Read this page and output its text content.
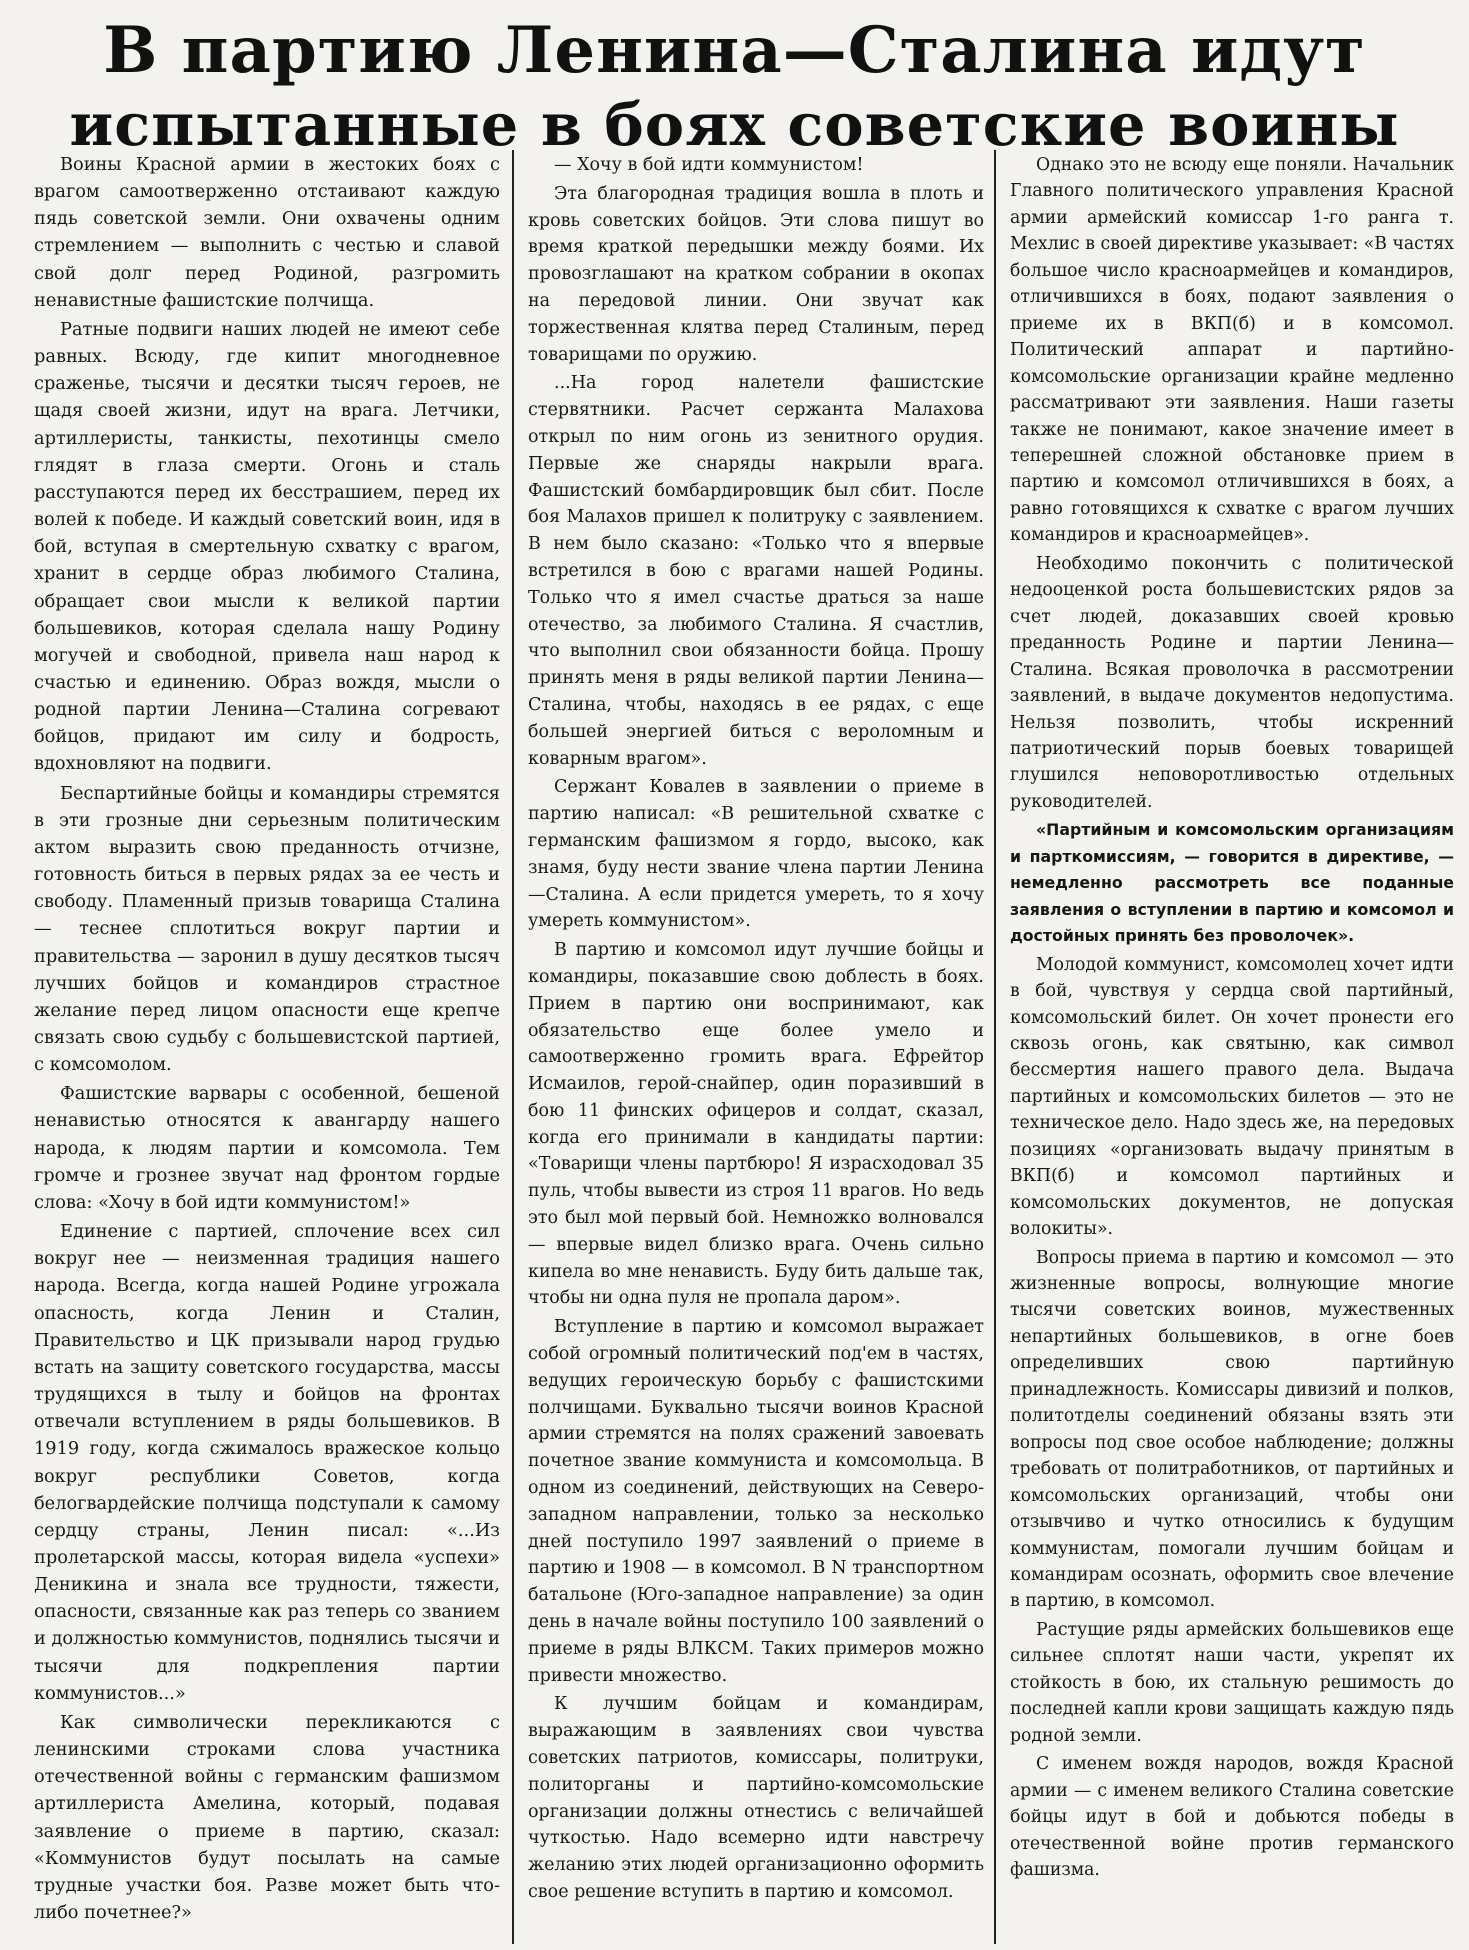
В партию Ленина—Сталина идут
испытанные в боях советские воины

Воины Красной армии в жестоких боях с врагом самоотверженно отстаивают каждую пядь советской земли. Они охвачены одним стремлением — выполнить с честью и славой свой долг перед Родиной, разгромить ненавистные фашистские полчища.

Ратные подвиги наших людей не имеют себе равных. Всюду, где кипит многодневное сраженье, тысячи и десятки тысяч героев, не щадя своей жизни, идут на врага. Летчики, артиллеристы, танкисты, пехотинцы смело глядят в глаза смерти. Огонь и сталь расступаются перед их бесстрашием, перед их волей к победе. И каждый советский воин, идя в бой, вступая в смертельную схватку с врагом, хранит в сердце образ любимого Сталина, обращает свои мысли к великой партии большевиков, которая сделала нашу Родину могучей и свободной, привела наш народ к счастью и единению. Образ вождя, мысли о родной партии Ленина—Сталина согревают бойцов, придают им силу и бодрость, вдохновляют на подвиги.

Беспартийные бойцы и командиры стремятся в эти грозные дни серьезным политическим актом выразить свою преданность отчизне, готовность биться в первых рядах за ее честь и свободу. Пламенный призыв товарища Сталина — теснее сплотиться вокруг партии и правительства — заронил в душу десятков тысяч лучших бойцов и командиров страстное желание перед лицом опасности еще крепче связать свою судьбу с большевистской партией, с комсомолом.

Фашистские варвары с особенной, бешеной ненавистью относятся к авангарду нашего народа, к людям партии и комсомола. Тем громче и грознее звучат над фронтом гордые слова: «Хочу в бой идти коммунистом!»

Единение с партией, сплочение всех сил вокруг нее — неизменная традиция нашего народа. Всегда, когда нашей Родине угрожала опасность, когда Ленин и Сталин, Правительство и ЦК призывали народ грудью встать на защиту советского государства, массы трудящихся в тылу и бойцов на фронтах отвечали вступлением в ряды большевиков. В 1919 году, когда сжималось вражеское кольцо вокруг республики Советов, когда белогвардейские полчища подступали к самому сердцу страны, Ленин писал: «...Из пролетарской массы, которая видела «успехи» Деникина и знала все трудности, тяжести, опасности, связанные как раз теперь со званием и должностью коммунистов, поднялись тысячи и тысячи для подкрепления партии коммунистов...»

Как символически перекликаются с ленинскими строками слова участника отечественной войны с германским фашизмом артиллериста Амелина, который, подавая заявление о приеме в партию, сказал: «Коммунистов будут посылать на самые трудные участки боя. Разве может быть что-либо почетнее?»

— Хочу в бой идти коммунистом!

Эта благородная традиция вошла в плоть и кровь советских бойцов. Эти слова пишут во время краткой передышки между боями. Их провозглашают на кратком собрании в окопах на передовой линии. Они звучат как торжественная клятва перед Сталиным, перед товарищами по оружию.

...На город налетели фашистские стервятники. Расчет сержанта Малахова открыл по ним огонь из зенитного орудия. Первые же снаряды накрыли врага. Фашистский бомбардировщик был сбит. После боя Малахов пришел к политруку с заявлением. В нем было сказано: «Только что я впервые встретился в бою с врагами нашей Родины. Только что я имел счастье драться за наше отечество, за любимого Сталина. Я счастлив, что выполнил свои обязанности бойца. Прошу принять меня в ряды великой партии Ленина—Сталина, чтобы, находясь в ее рядах, с еще большей энергией биться с вероломным и коварным врагом».

Сержант Ковалев в заявлении о приеме в партию написал: «В решительной схватке с германским фашизмом я гордо, высоко, как знамя, буду нести звание члена партии Ленина—Сталина. А если придется умереть, то я хочу умереть коммунистом».

В партию и комсомол идут лучшие бойцы и командиры, показавшие свою доблесть в боях. Прием в партию они воспринимают, как обязательство еще более умело и самоотверженно громить врага. Ефрейтор Исмаилов, герой-снайпер, один поразивший в бою 11 финских офицеров и солдат, сказал, когда его принимали в кандидаты партии: «Товарищи члены партбюро! Я израсходовал 35 пуль, чтобы вывести из строя 11 врагов. Но ведь это был мой первый бой. Немножко волновался — впервые видел близко врага. Очень сильно кипела во мне ненависть. Буду бить дальше так, чтобы ни одна пуля не пропала даром».

Вступление в партию и комсомол выражает собой огромный политический под'ем в частях, ведущих героическую борьбу с фашистскими полчищами. Буквально тысячи воинов Красной армии стремятся на полях сражений завоевать почетное звание коммуниста и комсомольца. В одном из соединений, действующих на Северо-западном направлении, только за несколько дней поступило 1997 заявлений о приеме в партию и 1908 — в комсомол. В N транспортном батальоне (Юго-западное направление) за один день в начале войны поступило 100 заявлений о приеме в ряды ВЛКСМ. Таких примеров можно привести множество.

К лучшим бойцам и командирам, выражающим в заявлениях свои чувства советских патриотов, комиссары, политруки, политорганы и партийно-комсомольские организации должны отнестись с величайшей чуткостью. Надо всемерно идти навстречу желанию этих людей организационно оформить свое решение вступить в партию и комсомол.

Однако это не всюду еще поняли. Начальник Главного политического управления Красной армии армейский комиссар 1-го ранга т. Мехлис в своей директиве указывает: «В частях большое число красноармейцев и командиров, отличившихся в боях, подают заявления о приеме их в ВКП(б) и в комсомол. Политический аппарат и партийно-комсомольские организации крайне медленно рассматривают эти заявления. Наши газеты также не понимают, какое значение имеет в теперешней сложной обстановке прием в партию и комсомол отличившихся в боях, а равно готовящихся к схватке с врагом лучших командиров и красноармейцев».

Необходимо покончить с политической недооценкой роста большевистских рядов за счет людей, доказавших своей кровью преданность Родине и партии Ленина—Сталина. Всякая проволочка в рассмотрении заявлений, в выдаче документов недопустима. Нельзя позволить, чтобы искренний патриотический порыв боевых товарищей глушился неповоротливостью отдельных руководителей.

«Партийным и комсомольским организациям и парткомиссиям, — говорится в директиве, — немедленно рассмотреть все поданные заявления о вступлении в партию и комсомол и достойных принять без проволочек».

Молодой коммунист, комсомолец хочет идти в бой, чувствуя у сердца свой партийный, комсомольский билет. Он хочет пронести его сквозь огонь, как святыню, как символ бессмертия нашего правого дела. Выдача партийных и комсомольских билетов — это не техническое дело. Надо здесь же, на передовых позициях «организовать выдачу принятым в ВКП(б) и комсомол партийных и комсомольских документов, не допуская волокиты».

Вопросы приема в партию и комсомол — это жизненные вопросы, волнующие многие тысячи советских воинов, мужественных непартийных большевиков, в огне боев определивших свою партийную принадлежность. Комиссары дивизий и полков, политотделы соединений обязаны взять эти вопросы под свое особое наблюдение; должны требовать от политработников, от партийных и комсомольских организаций, чтобы они отзывчиво и чутко относились к будущим коммунистам, помогали лучшим бойцам и командирам осознать, оформить свое влечение в партию, в комсомол.

Растущие ряды армейских большевиков еще сильнее сплотят наши части, укрепят их стойкость в бою, их стальную решимость до последней капли крови защищать каждую пядь родной земли.

С именем вождя народов, вождя Красной армии — с именем великого Сталина советские бойцы идут в бой и добьются победы в отечественной войне против германского фашизма.
